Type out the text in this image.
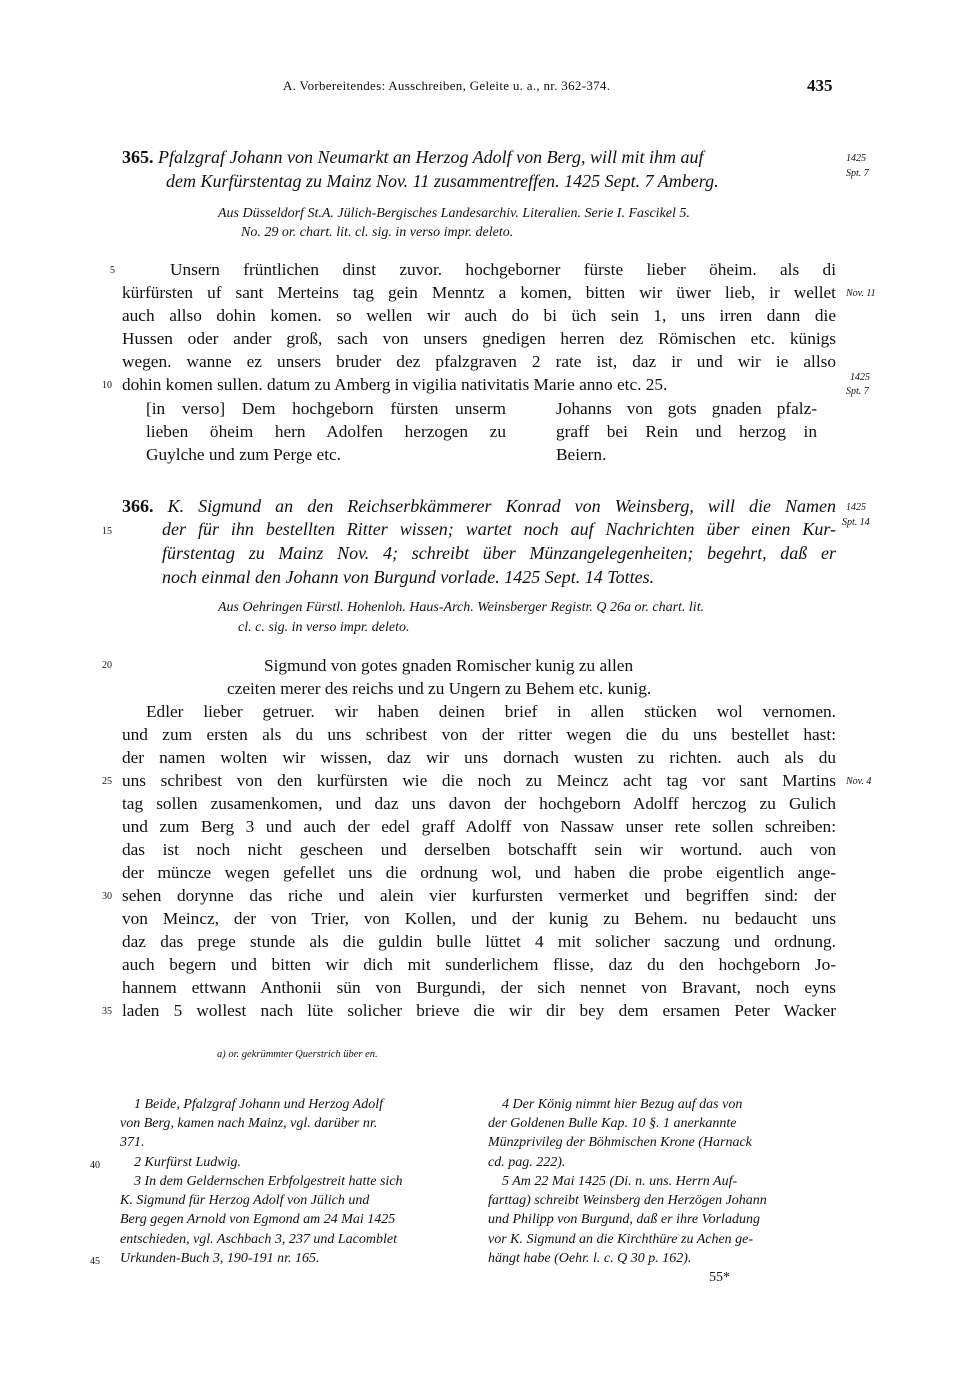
A. Vorbereitendes: Ausschreiben, Geleite u. a., nr. 362-374.	435
365. Pfalzgraf Johann von Neumarkt an Herzog Adolf von Berg, will mit ihm auf
dem Kurfürstentag zu Mainz Nov. 11 zusammentreffen. 1425 Sept. 7 Amberg.
1425
Spt. 7
Aus Düsseldorf St.A. Jülich-Bergisches Landesarchiv. Literalien. Serie I. Fascikel 5.
No. 29 or. chart. lit. cl. sig. in verso impr. deleto.
Unsern früntlichen dinst zuvor. hochgeborner fürste lieber öheim. als di
kürfürsten uf sant Merteins tag gein Menntz a komen, bitten wir üwer lieb, ir wellet
auch allso dohin komen. so wellen wir auch do bi üch sein 1, uns irren dann die
Hussen oder ander groß, sach von unsers gnedigen herren dez Römischen etc. künigs
wegen. wanne ez unsers bruder dez pfalzgraven 2 rate ist, daz ir und wir ie allso
dohin komen sullen. datum zu Amberg in vigilia nativitatis Marie anno etc. 25.
Nov. 11
1425
Spt. 7
[in verso] Dem hochgeborn fürsten unserm
lieben öheim hern Adolfen herzogen zu
Guylche und zum Perge etc.
Johanns von gots gnaden pfalz-
graff bei Rein und herzog in
Beiern.
366. K. Sigmund an den Reichserbkämmerer Konrad von Weinsberg, will die Namen
der für ihn bestellten Ritter wissen; wartet noch auf Nachrichten über einen Kur-
fürstentag zu Mainz Nov. 4; schreibt über Münzangelegenheiten; begehrt, daß er
noch einmal den Johann von Burgund vorlade. 1425 Sept. 14 Tottes.
1425
Spt. 14
Aus Oehringen Fürstl. Hohenloh. Haus-Arch. Weinsberger Registr. Q 26a or. chart. lit.
cl. c. sig. in verso impr. deleto.
Sigmund von gotes gnaden Romischer kunig zu allen
czeiten merer des reichs und zu Ungern zu Behem etc. kunig.
Edler lieber getruer. wir haben deinen brief in allen stücken wol vernomen.
und zum ersten als du uns schribest von der ritter wegen die du uns bestellet hast:
der namen wolten wir wissen, daz wir uns dornach wusten zu richten. auch als du
uns schribest von den kurfürsten wie die noch zu Meincz acht tag vor sant Martins
tag sollen zusamenkomen, und daz uns davon der hochgeborn Adolff herczog zu Gulich
und zum Berg 3 und auch der edel graff Adolff von Nassaw unser rete sollen schreiben:
das ist noch nicht gescheen und derselben botschafft sein wir wortund. auch von
der müncze wegen gefellet uns die ordnung wol, und haben die probe eigentlich ange-
sehen dorynne das riche und alein vier kurfursten vermerket und begriffen sind: der
von Meincz, der von Trier, von Kollen, und der kunig zu Behem. nu bedaucht uns
daz das prege stunde als die guldin bulle lüttet 4 mit solicher saczung und ordnung.
auch begern und bitten wir dich mit sunderlichem flisse, daz du den hochgeborn Jo-
hannem ettwann Anthonii sün von Burgundi, der sich nennet von Bravant, noch eyns
laden 5 wollest nach lüte solicher brieve die wir dir bey dem ersamen Peter Wacker
Nov. 4
5
10
15
20
25
30
35
40
45
a) or. gekrümmter Querstrich über en.
1 Beide, Pfalzgraf Johann und Herzog Adolf
von Berg, kamen nach Mainz, vgl. darüber nr.
371.
2 Kurfürst Ludwig.
3 In dem Geldernschen Erbfolgestreit hatte sich
K. Sigmund für Herzog Adolf von Jülich und
Berg gegen Arnold von Egmond am 24 Mai 1425
entschieden, vgl. Aschbach 3, 237 und Lacomblet
Urkunden-Buch 3, 190-191 nr. 165.
4 Der König nimmt hier Bezug auf das von
der Goldenen Bulle Kap. 10 §. 1 anerkannte
Münzprivileg der Böhmischen Krone (Harnack
cd. pag. 222).
5 Am 22 Mai 1425 (Di. n. uns. Herrn Auf-
farttag) schreibt Weinsberg den Herzögen Johann
und Philipp von Burgund, daß er ihre Vorladung
vor K. Sigmund an die Kirchthüre zu Achen ge-
hängt habe (Oehr. l. c. Q 30 p. 162).
55*
